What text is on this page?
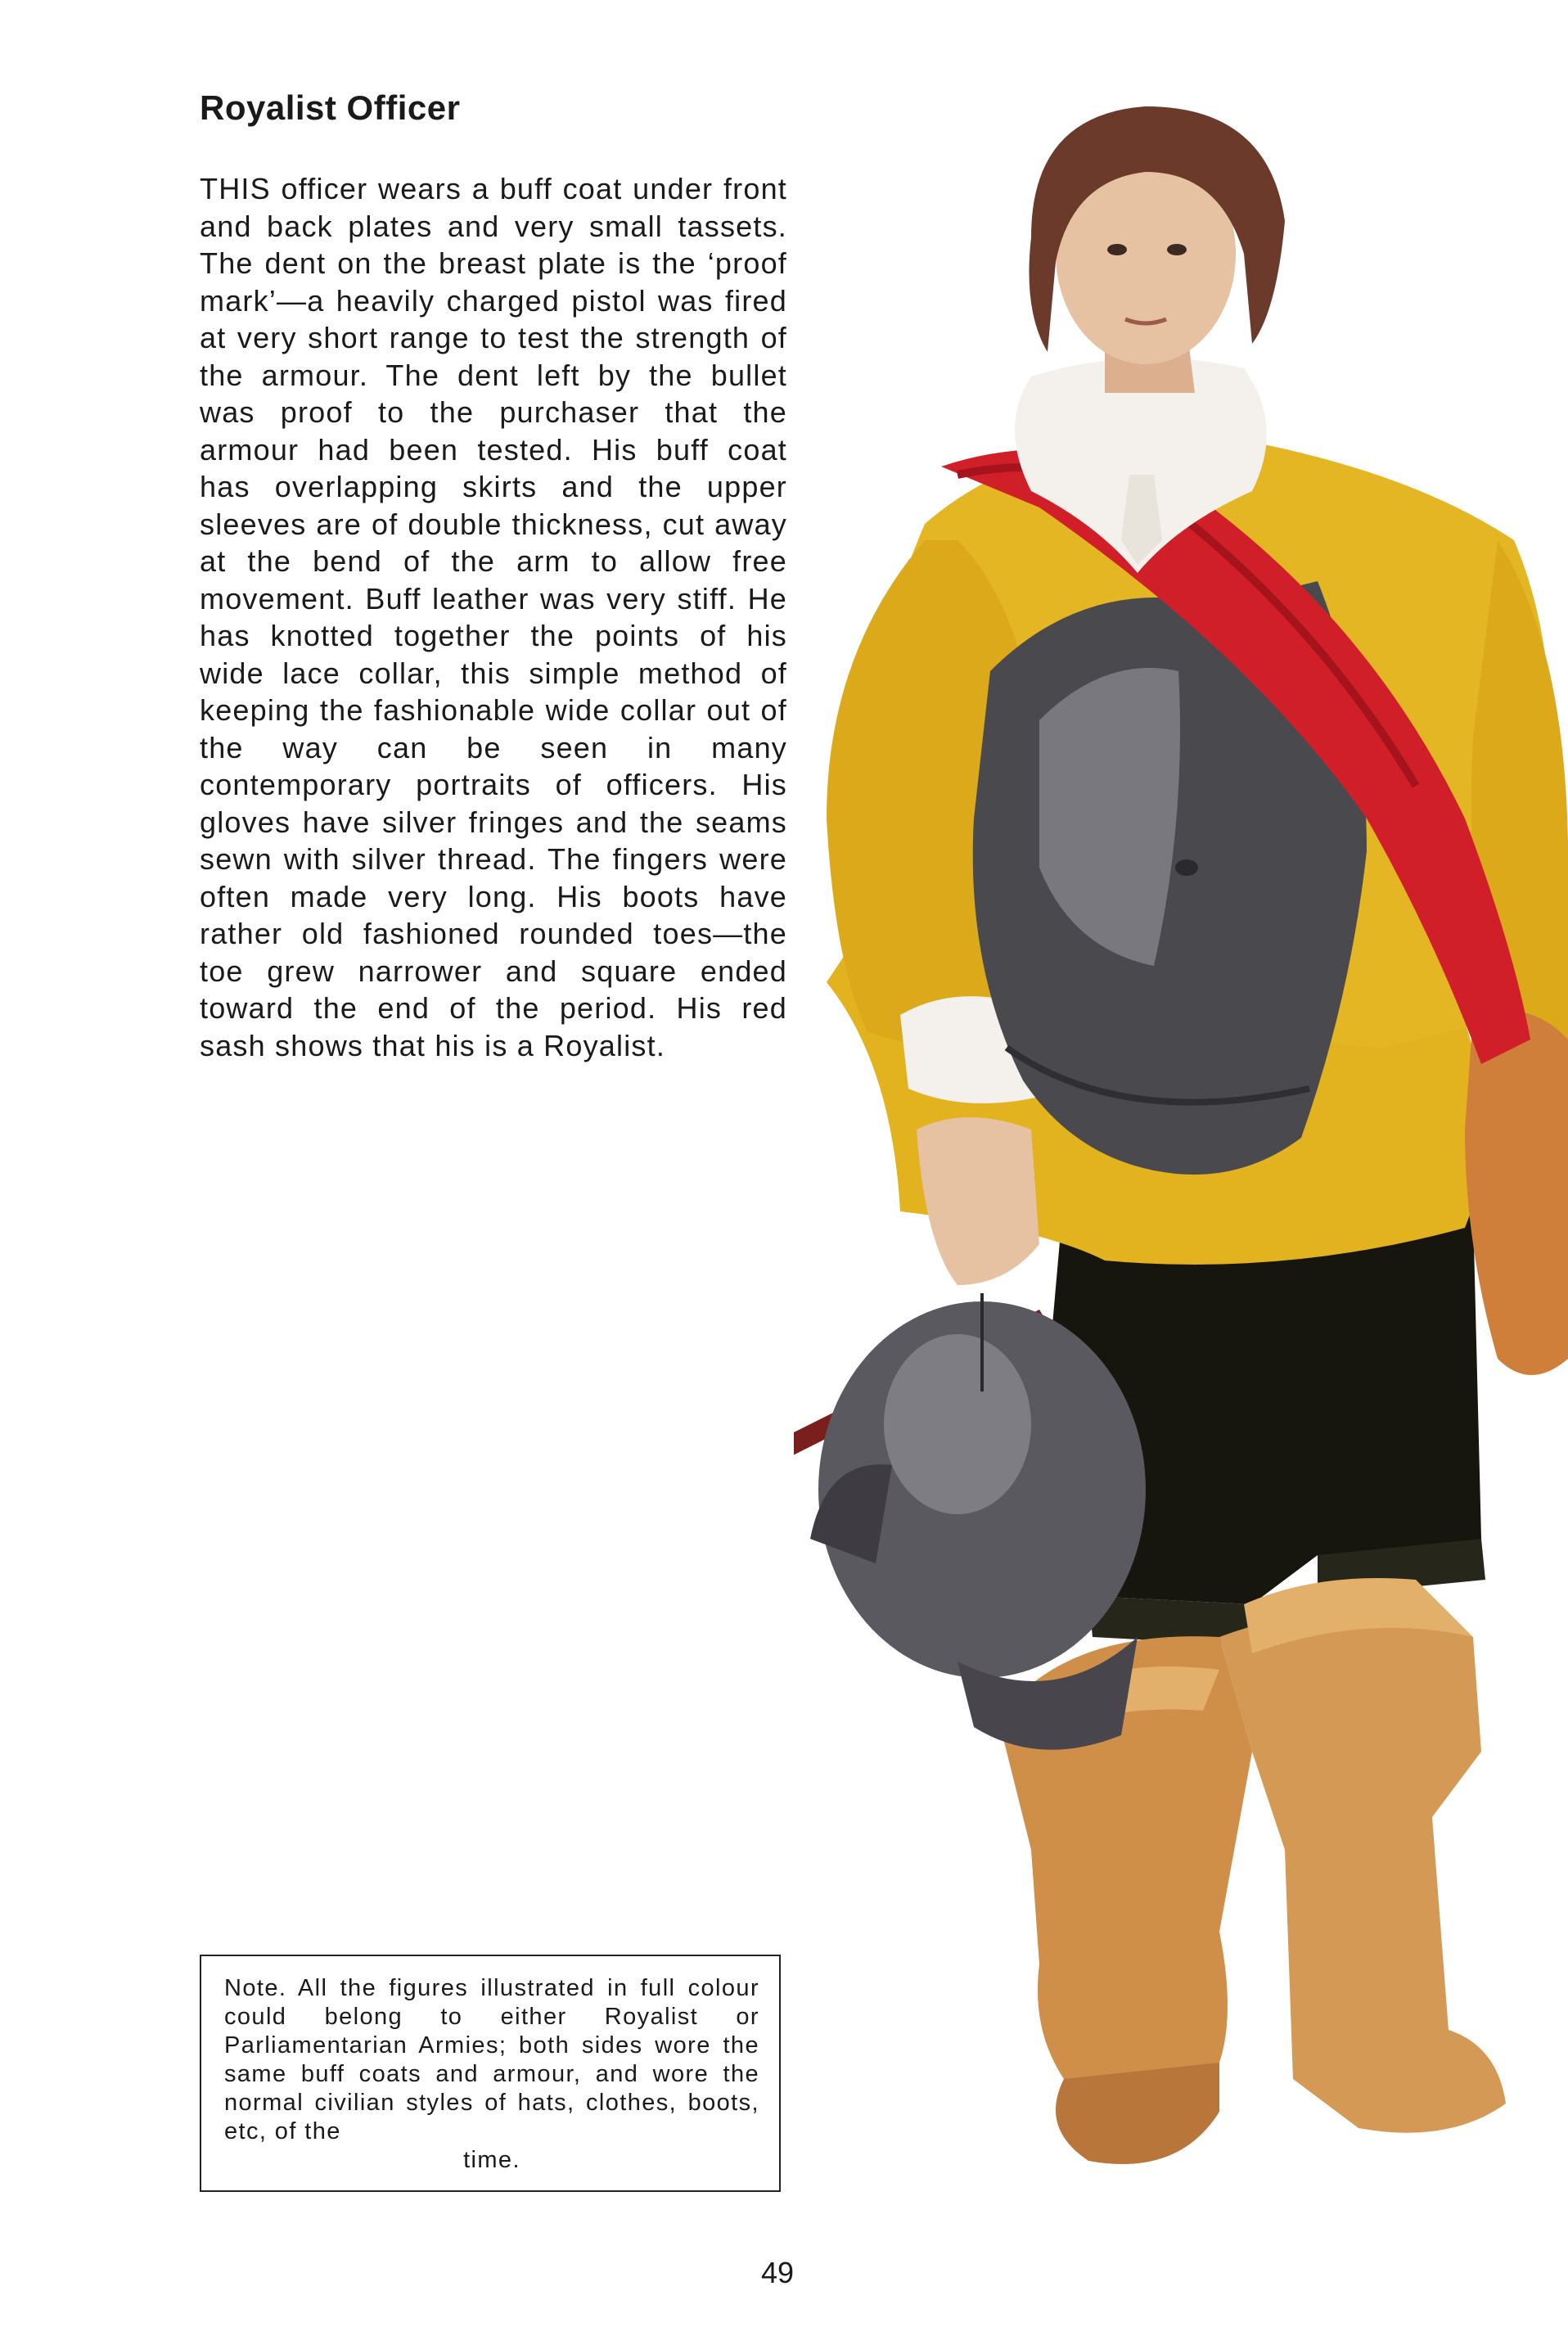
Royalist Officer

THIS officer wears a buff coat under front and back plates and very small tassets. The dent on the breast plate is the ‘proof mark’—a heavily charged pistol was fired at very short range to test the strength of the armour. The dent left by the bullet was proof to the purchaser that the armour had been tested. His buff coat has overlapping skirts and the upper sleeves are of double thickness, cut away at the bend of the arm to allow free movement. Buff leather was very stiff. He has knotted together the points of his wide lace collar, this simple method of keeping the fashionable wide collar out of the way can be seen in many contemporary portraits of officers. His gloves have silver fringes and the seams sewn with silver thread. The fingers were often made very long. His boots have rather old fashioned rounded toes—the toe grew narrower and square ended toward the end of the period. His red sash shows that his is a Royalist.

Note. All the figures illustrated in full colour could belong to either Royalist or Parliamentarian Armies; both sides wore the same buff coats and armour, and wore the normal civilian styles of hats, clothes, boots, etc, of the
time.

49
